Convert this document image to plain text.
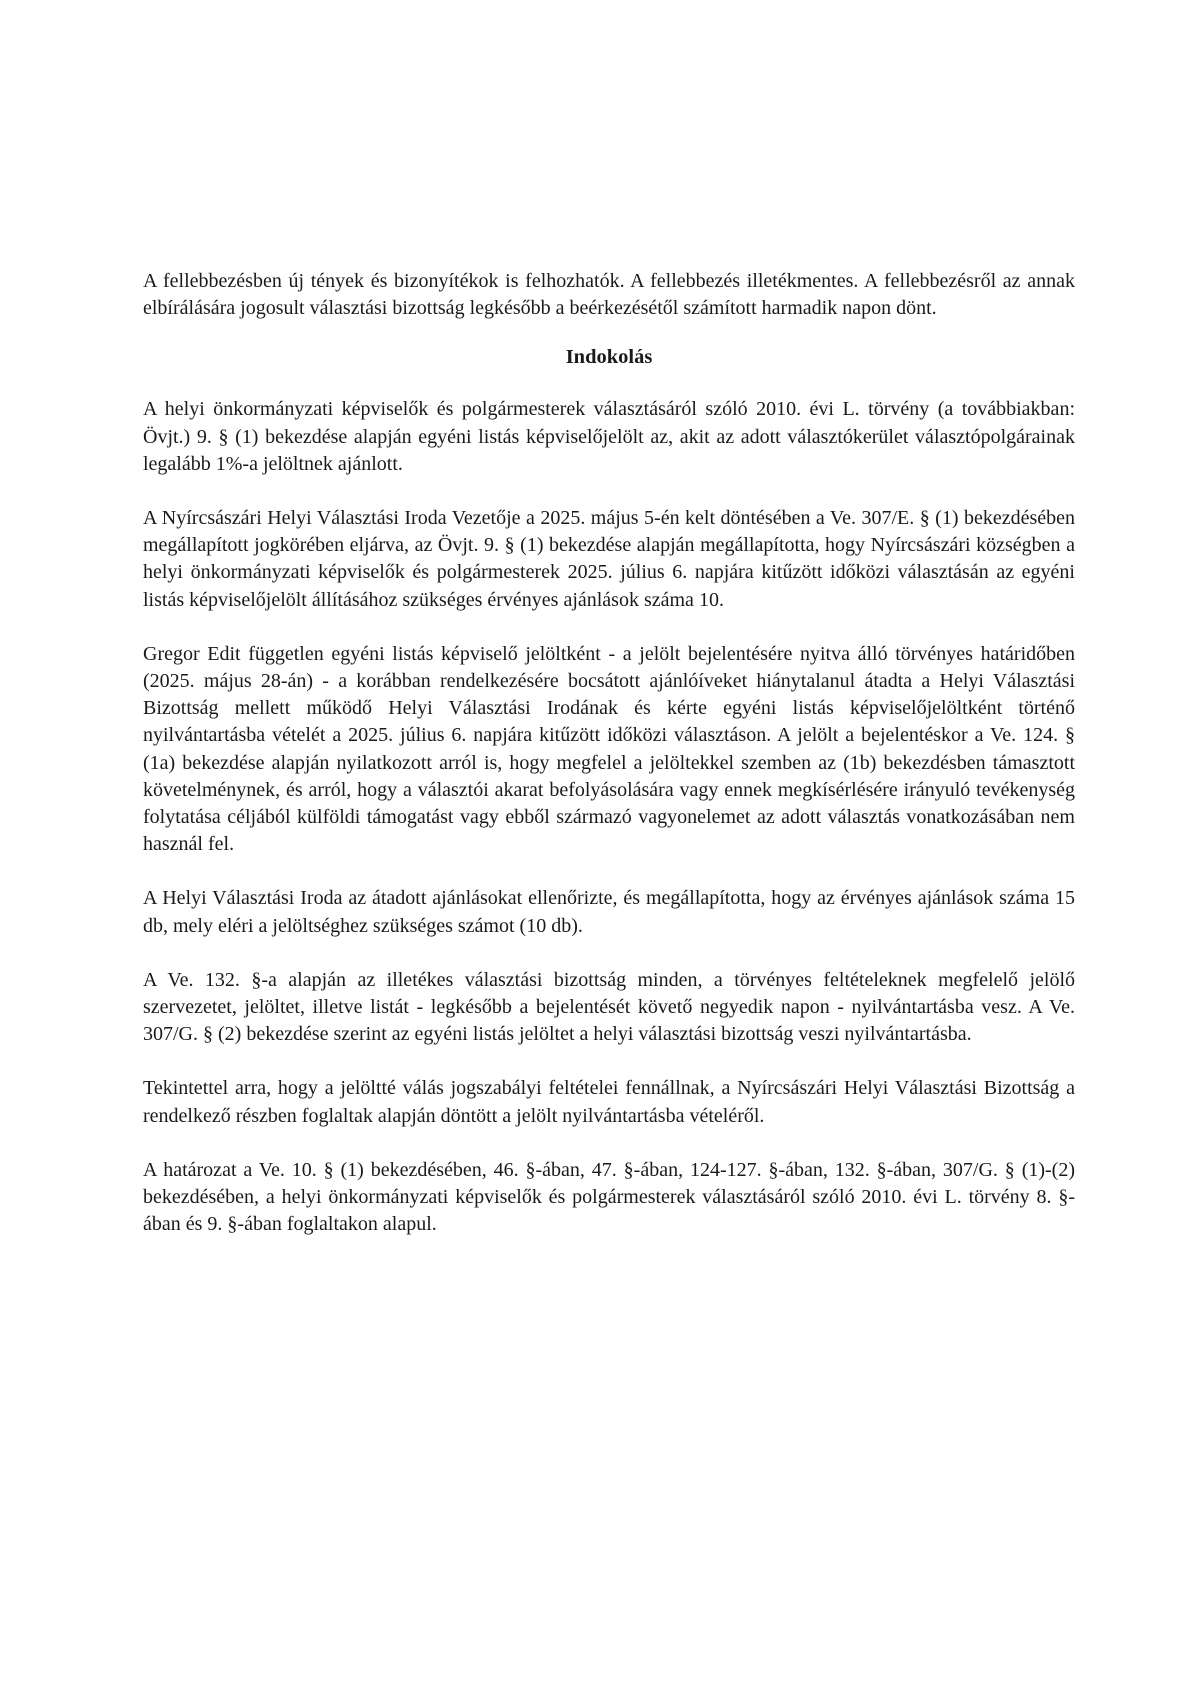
A fellebbezésben új tények és bizonyítékok is felhozhatók. A fellebbezés illetékmentes. A fellebbezésről az annak elbírálására jogosult választási bizottság legkésőbb a beérkezésétől számított harmadik napon dönt.

Indokolás

A helyi önkormányzati képviselők és polgármesterek választásáról szóló 2010. évi L. törvény (a továbbiakban: Övjt.) 9. § (1) bekezdése alapján egyéni listás képviselőjelölt az, akit az adott választókerület választópolgárainak legalább 1%-a jelöltnek ajánlott.

A Nyírcsászári Helyi Választási Iroda Vezetője a 2025. május 5-én kelt döntésében a Ve. 307/E. § (1) bekezdésében megállapított jogkörében eljárva, az Övjt. 9. § (1) bekezdése alapján megállapította, hogy Nyírcsászári községben a helyi önkormányzati képviselők és polgármesterek 2025. július 6. napjára kitűzött időközi választásán az egyéni listás képviselőjelölt állításához szükséges érvényes ajánlások száma 10.

Gregor Edit független egyéni listás képviselő jelöltként - a jelölt bejelentésére nyitva álló törvényes határidőben (2025. május 28-án) - a korábban rendelkezésére bocsátott ajánlóíveket hiánytalanul átadta a Helyi Választási Bizottság mellett működő Helyi Választási Irodának és kérte egyéni listás képviselőjelöltként történő nyilvántartásba vételét a 2025. július 6. napjára kitűzött időközi választáson. A jelölt a bejelentéskor a Ve. 124. § (1a) bekezdése alapján nyilatkozott arról is, hogy megfelel a jelöltekkel szemben az (1b) bekezdésben támasztott követelménynek, és arról, hogy a választói akarat befolyásolására vagy ennek megkísérlésére irányuló tevékenység folytatása céljából külföldi támogatást vagy ebből származó vagyonelemet az adott választás vonatkozásában nem használ fel.

A Helyi Választási Iroda az átadott ajánlásokat ellenőrizte, és megállapította, hogy az érvényes ajánlások száma 15 db, mely eléri a jelöltséghez szükséges számot (10 db).

A Ve. 132. §-a alapján az illetékes választási bizottság minden, a törvényes feltételeknek megfelelő jelölő szervezetet, jelöltet, illetve listát - legkésőbb a bejelentését követő negyedik napon - nyilvántartásba vesz. A Ve. 307/G. § (2) bekezdése szerint az egyéni listás jelöltet a helyi választási bizottság veszi nyilvántartásba.

Tekintettel arra, hogy a jelöltté válás jogszabályi feltételei fennállnak, a Nyírcsászári Helyi Választási Bizottság a rendelkező részben foglaltak alapján döntött a jelölt nyilvántartásba vételéről.

A határozat a Ve. 10. § (1) bekezdésében, 46. §-ában, 47. §-ában, 124-127. §-ában, 132. §-ában, 307/G. § (1)-(2) bekezdésében, a helyi önkormányzati képviselők és polgármesterek választásáról szóló 2010. évi L. törvény 8. §-ában és 9. §-ában foglaltakon alapul.
